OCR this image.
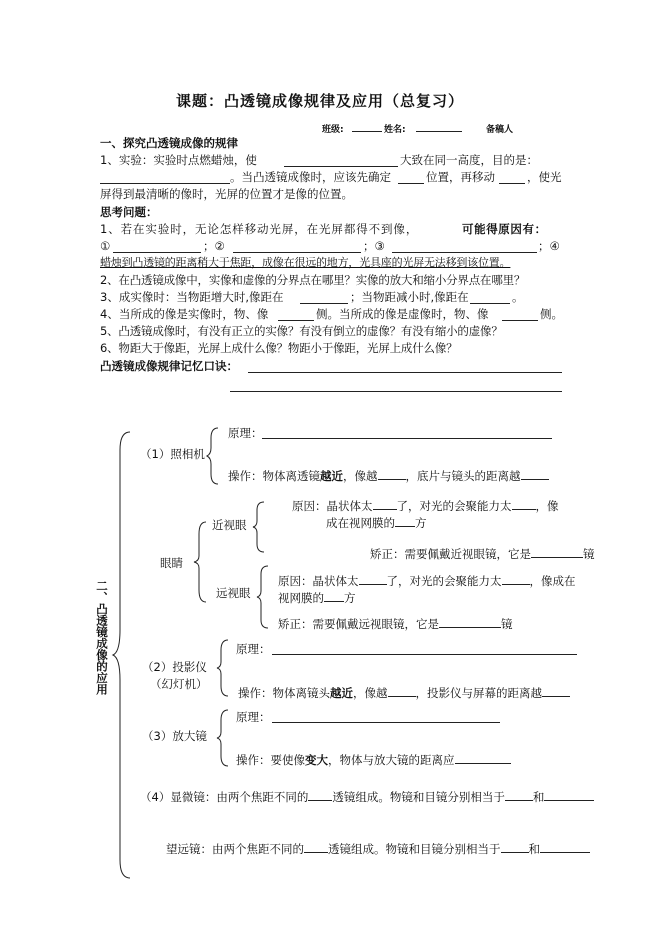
课题：凸透镜成像规律及应用（总复习）
班级:	姓名:	备稿人
一、探究凸透镜成像的规律
1、实验：实验时点燃蜡烛，使	大致在同一高度，目的是：
。当凸透镜成像时，应该先确定	位置，再移动	，使光
屏得到最清晰的像时，光屏的位置才是像的位置。
思考问题：
1、若在实验时，无论怎样移动光屏，在光屏都得不到像，	可能得原因有：
①	；②	；③	；④
蜡烛到凸透镜的距离稍大于焦距，成像在很远的地方，光具座的光屏无法移到该位置。
2、在凸透镜成像中，实像和虚像的分界点在哪里？实像的放大和缩小分界点在哪里？
3、成实像时：当物距增大时,像距在	；当物距减小时,像距在	。
4、当所成的像是实像时，物、像	侧。当所成的像是虚像时，物、像	侧。
5、凸透镜成像时，有没有正立的实像？有没有倒立的虚像？有没有缩小的虚像？
6、物距大于像距，光屏上成什么像？物距小于像距，光屏上成什么像？
凸透镜成像规律记忆口诀：
二、凸透镜成像的应用
（1）照相机
原理：
操作：物体离透镜越近，像越 ，底片与镜头的距离越
眼睛
近视眼
原因：晶状体太 了，对光的会聚能力太 ，像
成在视网膜的 方
矫正：需要佩戴近视眼镜，它是	镜
远视眼
原因：晶状体太 了，对光的会聚能力太 ，像成在
视网膜的 方
矫正：需要佩戴远视眼镜，它是	镜
（2）投影仪
（幻灯机）
原理：
操作：物体离镜头越近，像越 ，投影仪与屏幕的距离越
（3）放大镜
原理：
操作：要使像变大，物体与放大镜的距离应
（4）显微镜：由两个焦距不同的 透镜组成。物镜和目镜分别相当于 和
望远镜：由两个焦距不同的 透镜组成。物镜和目镜分别相当于 和
